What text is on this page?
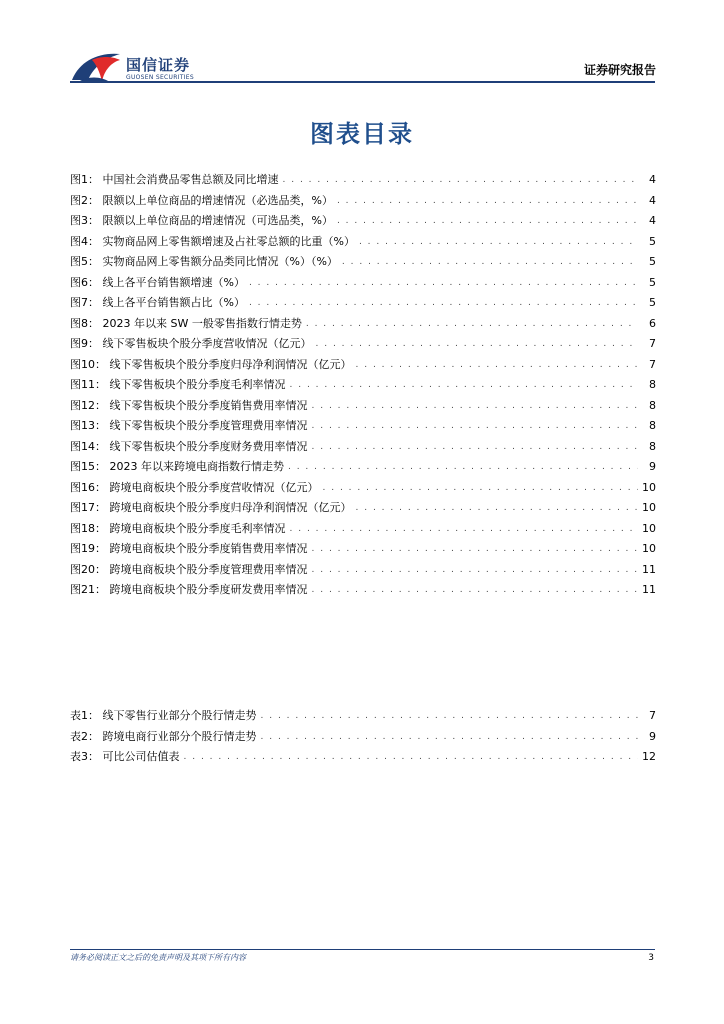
国信证券
GUOSEN SECURITIES
证券研究报告
图表目录
图1： 中国社会消费品零售总额及同比增速 . . .	4
图2： 限额以上单位商品的增速情况（必选品类，%） . . .	4
图3： 限额以上单位商品的增速情况（可选品类，%） . . .	4
图4： 实物商品网上零售额增速及占社零总额的比重（%） . . .	5
图5： 实物商品网上零售额分品类同比情况（%）（%） . . .	5
图6： 线上各平台销售额增速（%） . . .	5
图7： 线上各平台销售额占比（%） . . .	5
图8： 2023 年以来 SW 一般零售指数行情走势 . . .	6
图9： 线下零售板块个股分季度营收情况（亿元） . . .	7
图10： 线下零售板块个股分季度归母净利润情况（亿元） . . .	7
图11： 线下零售板块个股分季度毛利率情况 . . .	8
图12： 线下零售板块个股分季度销售费用率情况 . . .	8
图13： 线下零售板块个股分季度管理费用率情况 . . .	8
图14： 线下零售板块个股分季度财务费用率情况 . . .	8
图15： 2023 年以来跨境电商指数行情走势 . . .	9
图16： 跨境电商板块个股分季度营收情况（亿元） . . .	10
图17： 跨境电商板块个股分季度归母净利润情况（亿元） . . .	10
图18： 跨境电商板块个股分季度毛利率情况 . . .	10
图19： 跨境电商板块个股分季度销售费用率情况 . . .	10
图20： 跨境电商板块个股分季度管理费用率情况 . . .	11
图21： 跨境电商板块个股分季度研发费用率情况 . . .	11
表1： 线下零售行业部分个股行情走势 . . .	7
表2： 跨境电商行业部分个股行情走势 . . .	9
表3： 可比公司估值表 . . .	12
请务必阅读正文之后的免责声明及其项下所有内容	3
